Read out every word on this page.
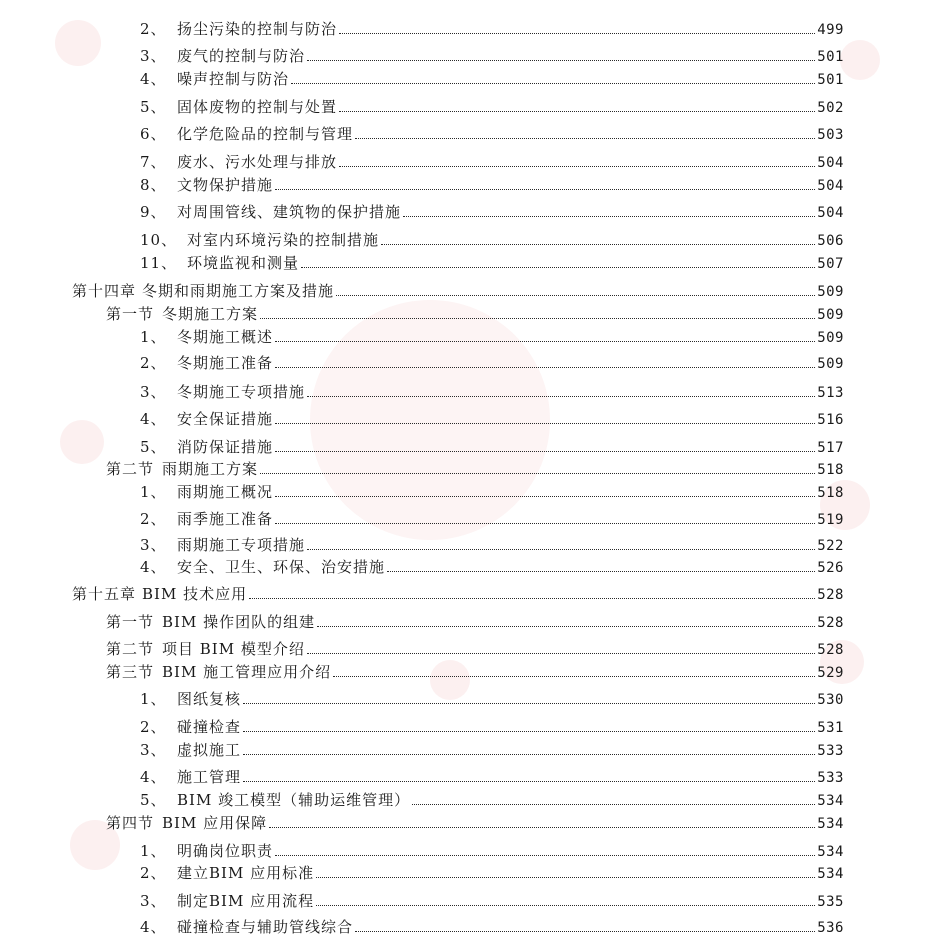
2、 扬尘污染的控制与防治	499
3、 废气的控制与防治	501
4、 噪声控制与防治	501
5、 固体废物的控制与处置	502
6、 化学危险品的控制与管理	503
7、 废水、污水处理与排放	504
8、 文物保护措施	504
9、 对周围管线、建筑物的保护措施	504
10、 对室内环境污染的控制措施	506
11、 环境监视和测量	507
第十四章 冬期和雨期施工方案及措施	509
第一节 冬期施工方案	509
1、 冬期施工概述	509
2、 冬期施工准备	509
3、 冬期施工专项措施	513
4、 安全保证措施	516
5、 消防保证措施	517
第二节 雨期施工方案	518
1、 雨期施工概况	518
2、 雨季施工准备	519
3、 雨期施工专项措施	522
4、 安全、卫生、环保、治安措施	526
第十五章 BIM 技术应用	528
第一节 BIM 操作团队的组建	528
第二节 项目 BIM 模型介绍	528
第三节 BIM 施工管理应用介绍	529
1、 图纸复核	530
2、 碰撞检查	531
3、 虚拟施工	533
4、 施工管理	533
5、 BIM 竣工模型（辅助运维管理）	534
第四节 BIM 应用保障	534
1、 明确岗位职责	534
2、 建立BIM 应用标准	534
3、 制定BIM 应用流程	535
4、 碰撞检查与辅助管线综合	536
